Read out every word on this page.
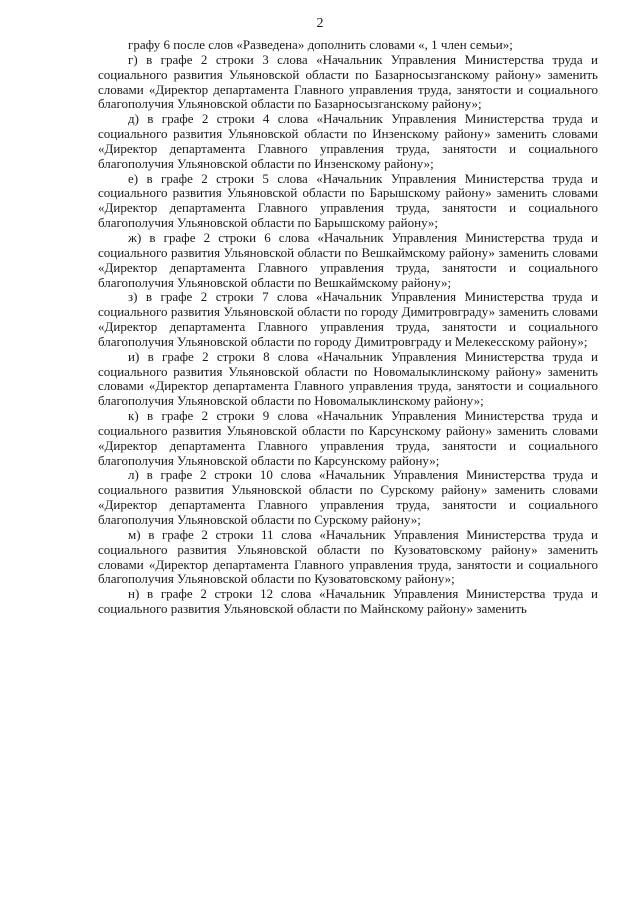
2

графу 6 после слов «Разведена» дополнить словами «, 1 член семьи»;

г) в графе 2 строки 3 слова «Начальник Управления Министерства труда и социального развития Ульяновской области по Базарносызганскому району» заменить словами «Директор департамента Главного управления труда, занятости и социального благополучия Ульяновской области по Базарносызганскому району»;

д) в графе 2 строки 4 слова «Начальник Управления Министерства труда и социального развития Ульяновской области по Инзенскому району» заменить словами «Директор департамента Главного управления труда, занятости и социального благополучия Ульяновской области по Инзенскому району»;

е) в графе 2 строки 5 слова «Начальник Управления Министерства труда и социального развития Ульяновской области по Барышскому району» заменить словами «Директор департамента Главного управления труда, занятости и социального благополучия Ульяновской области по Барышскому району»;

ж) в графе 2 строки 6 слова «Начальник Управления Министерства труда и социального развития Ульяновской области по Вешкаймскому району» заменить словами «Директор департамента Главного управления труда, занятости и социального благополучия Ульяновской области по Вешкаймскому району»;

з) в графе 2 строки 7 слова «Начальник Управления Министерства труда и социального развития Ульяновской области по городу Димитровграду» заменить словами «Директор департамента Главного управления труда, занятости и социального благополучия Ульяновской области по городу Димитровграду и Мелекесскому району»;

и) в графе 2 строки 8 слова «Начальник Управления Министерства труда и социального развития Ульяновской области по Новомалыклинскому району» заменить словами «Директор департамента Главного управления труда, занятости и социального благополучия Ульяновской области по Новомалыклинскому району»;

к) в графе 2 строки 9 слова «Начальник Управления Министерства труда и социального развития Ульяновской области по Карсунскому району» заменить словами «Директор департамента Главного управления труда, занятости и социального благополучия Ульяновской области по Карсунскому району»;

л) в графе 2 строки 10 слова «Начальник Управления Министерства труда и социального развития Ульяновской области по Сурскому району» заменить словами «Директор департамента Главного управления труда, занятости и социального благополучия Ульяновской области по Сурскому району»;

м) в графе 2 строки 11 слова «Начальник Управления Министерства труда и социального развития Ульяновской области по Кузоватовскому району» заменить словами «Директор департамента Главного управления труда, занятости и социального благополучия Ульяновской области по Кузоватовскому району»;

н) в графе 2 строки 12 слова «Начальник Управления Министерства труда и социального развития Ульяновской области по Майнскому району» заменить
